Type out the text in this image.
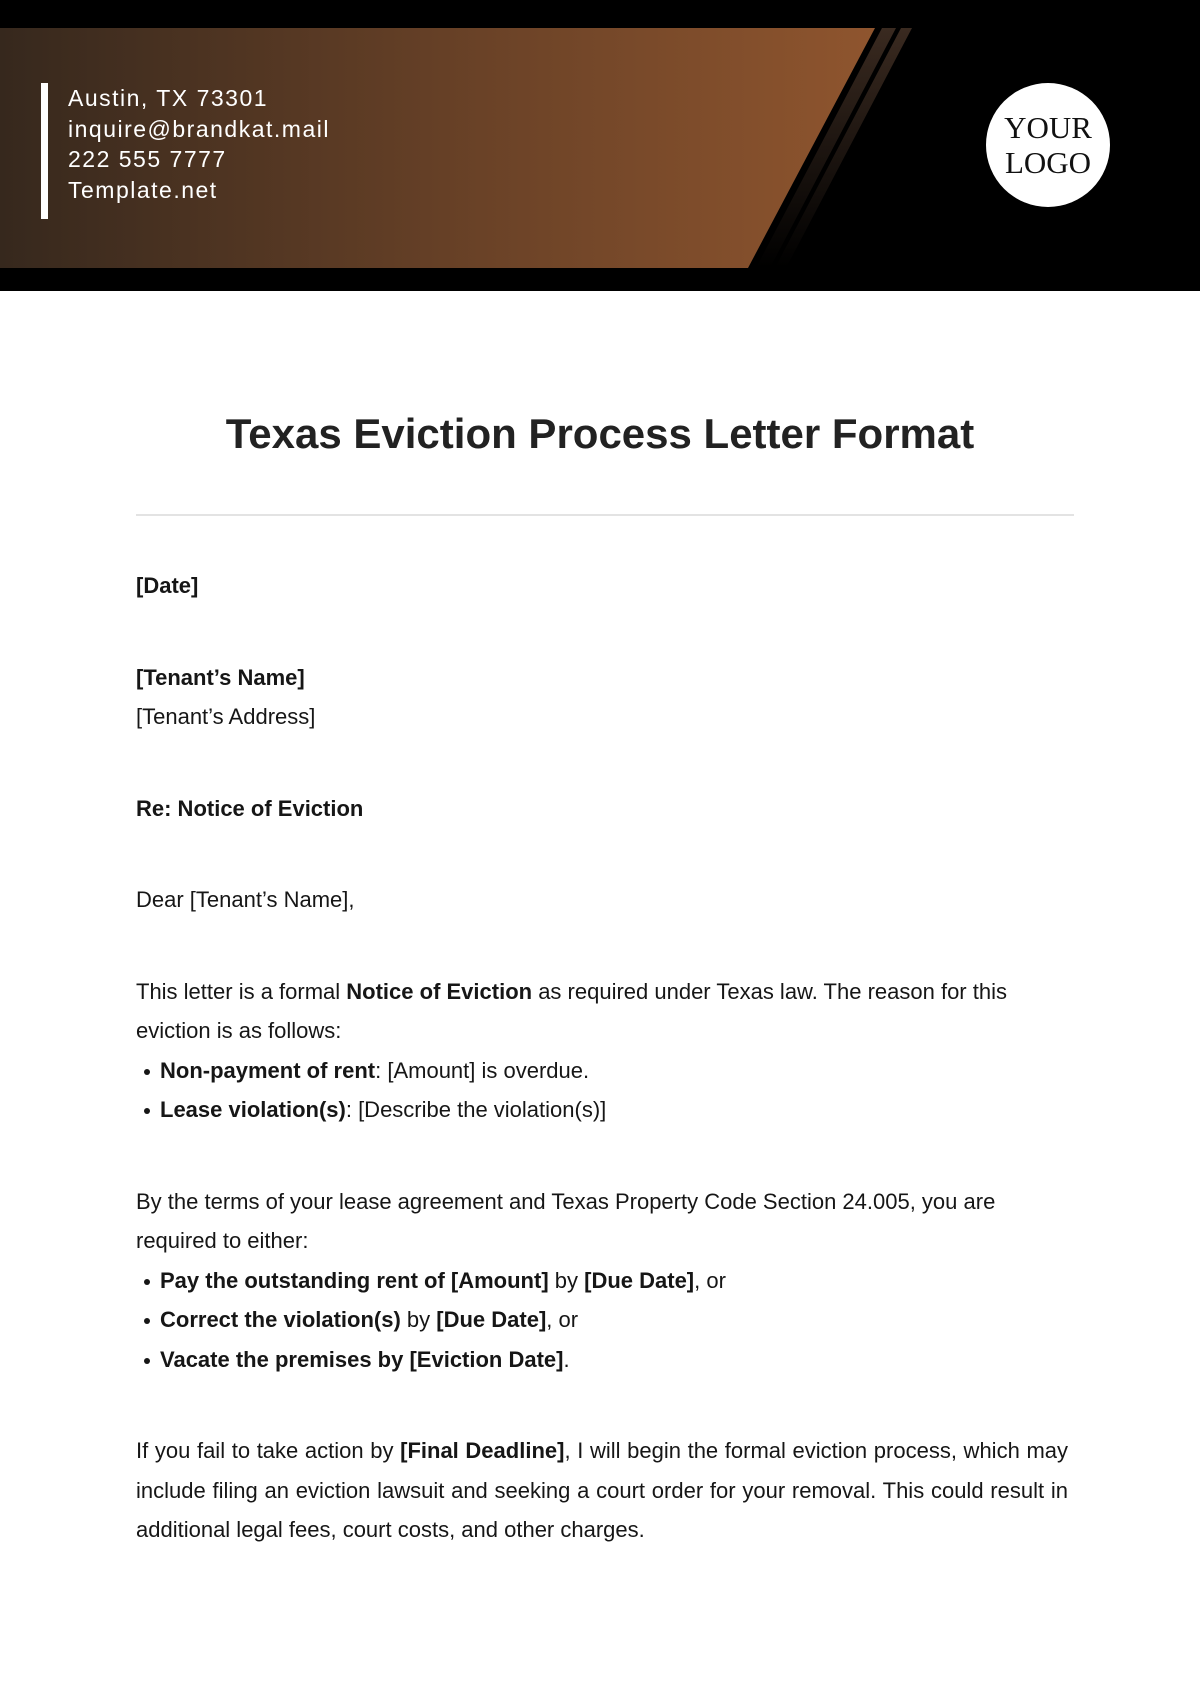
Austin, TX 73301
inquire@brandkat.mail
222 555 7777
Template.net
YOUR
LOGO
Texas Eviction Process Letter Format

[Date]

[Tenant’s Name]

[Tenant’s Address]

Re: Notice of Eviction

Dear [Tenant’s Name],

This letter is a formal Notice of Eviction as required under Texas law. The reason for this eviction is as follows:

Non-payment of rent: [Amount] is overdue.
Lease violation(s): [Describe the violation(s)]

By the terms of your lease agreement and Texas Property Code Section 24.005, you are required to either:

Pay the outstanding rent of [Amount] by [Due Date], or
Correct the violation(s) by [Due Date], or
Vacate the premises by [Eviction Date].

If you fail to take action by [Final Deadline], I will begin the formal eviction process, which may include filing an eviction lawsuit and seeking a court order for your removal. This could result in additional legal fees, court costs, and other charges.
